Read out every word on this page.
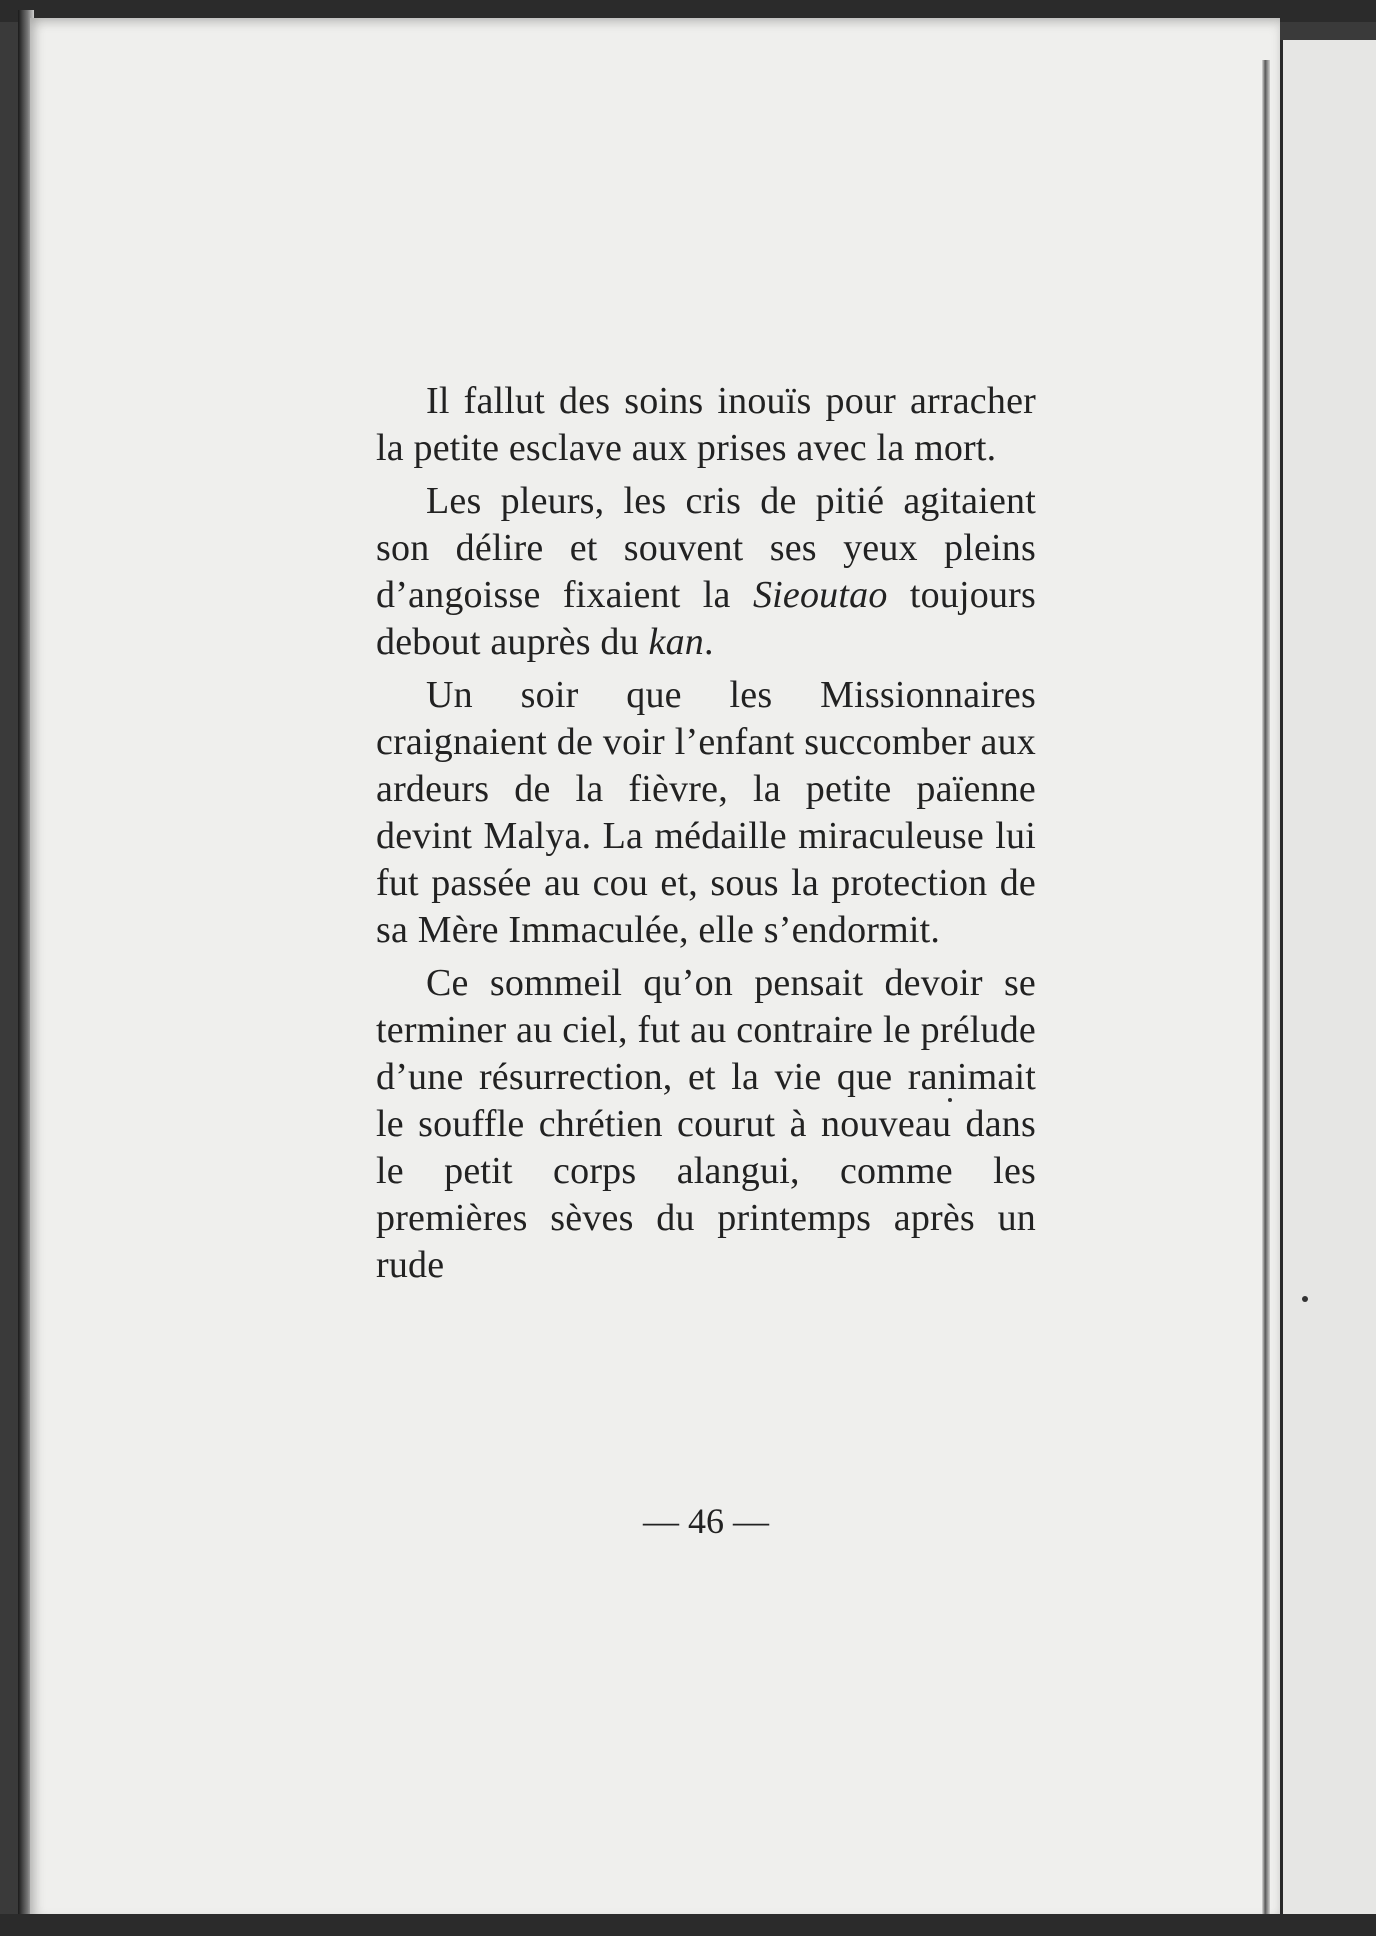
Il fallut des soins inouïs pour arracher la petite esclave aux prises avec la mort.

Les pleurs, les cris de pitié agitaient son délire et souvent ses yeux pleins d’angoisse fixaient la Sieoutao toujours debout auprès du kan.

Un soir que les Missionnaires craignaient de voir l’enfant succomber aux ardeurs de la fièvre, la petite païenne devint Malya. La médaille miraculeuse lui fut passée au cou et, sous la protection de sa Mère Immaculée, elle s’endormit.

Ce sommeil qu’on pensait devoir se terminer au ciel, fut au contraire le prélude d’une résurrection, et la vie que ranimait le souffle chrétien courut à nouveau dans le petit corps alangui, comme les premières sèves du printemps après un rude

— 46 —
